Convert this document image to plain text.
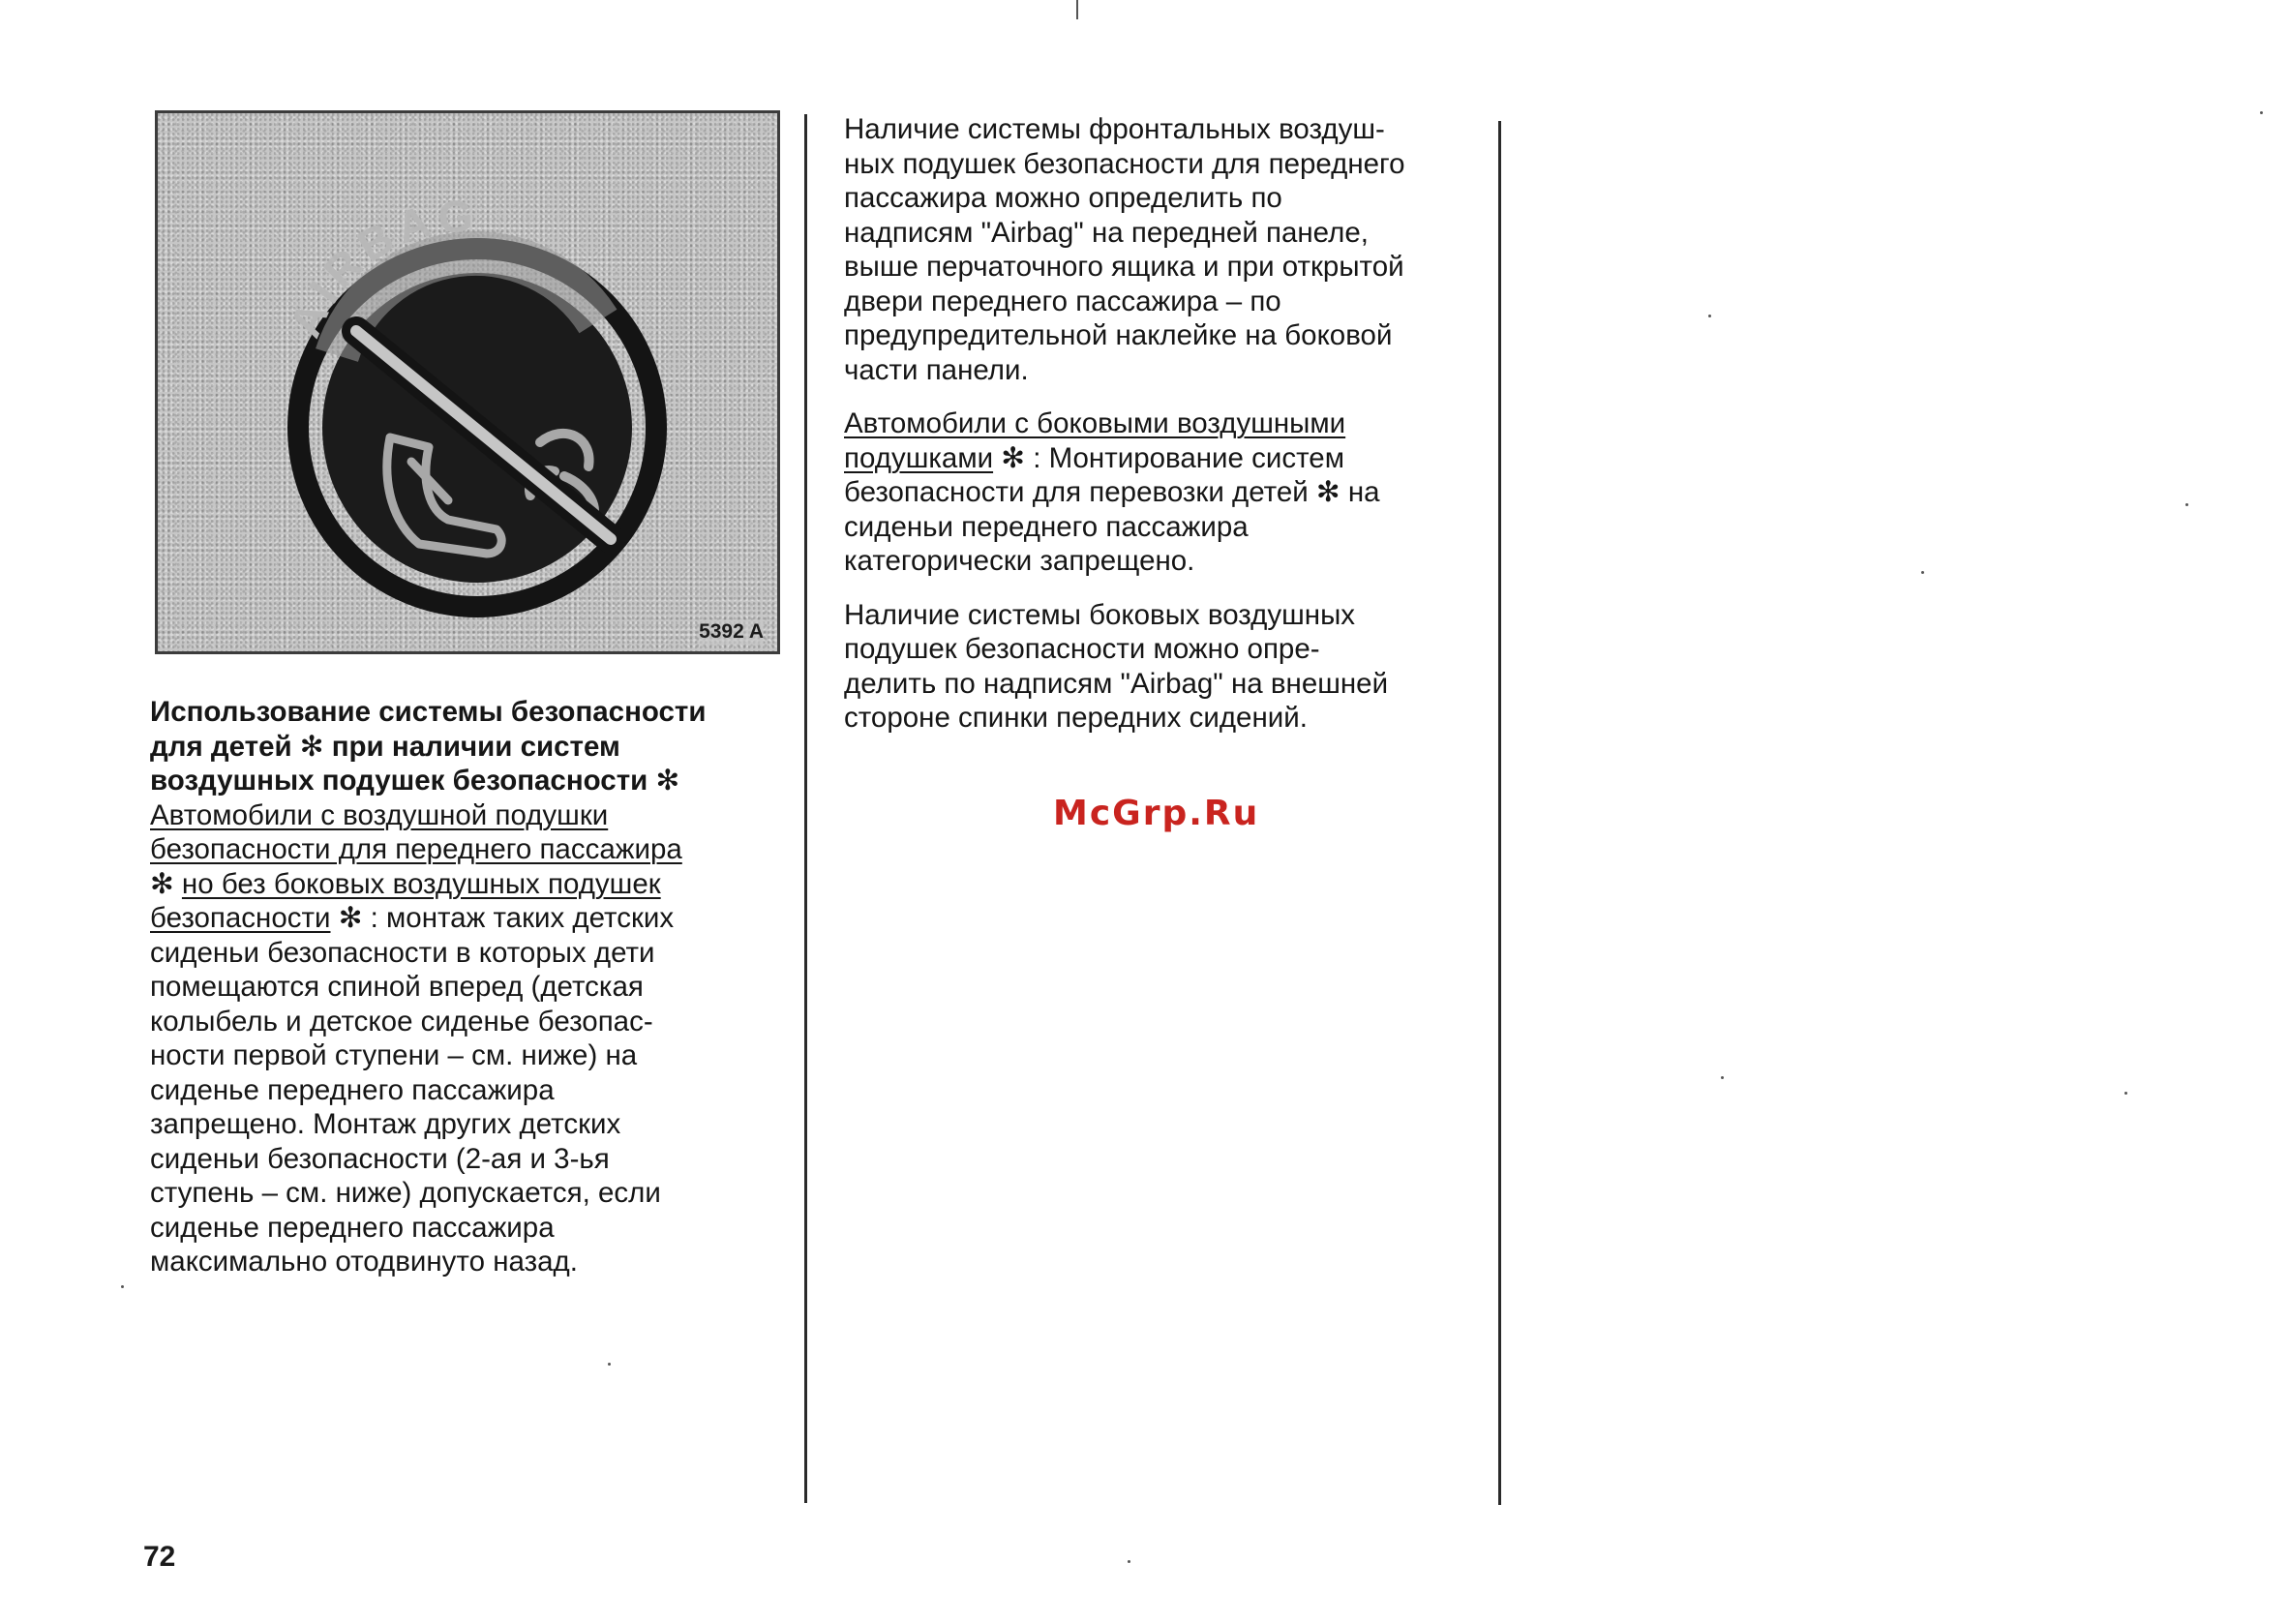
AIRBAG
5392 A
Использование системы безопасности
для детей ✻ при наличии систем
воздушных подушек безопасности ✻
Автомобили с воздушной подушки
безопасности для переднего пассажира
✻ но без боковых воздушных подушек
безопасности ✻ : монтаж таких детских
сиденьи безопасности в которых дети
помещаются спиной вперед (детская
колыбель и детское сиденье безопас-
ности первой ступени – см. ниже) на
сиденье переднего пассажира
запрещено. Монтаж других детских
сиденьи безопасности (2-ая и 3-ья
ступень – см. ниже) допускается, если
сиденье переднего пассажира
максимально отодвинуто назад.
Наличие системы фронтальных воздуш-
ных подушек безопасности для переднего
пассажира можно определить по
надписям "Airbag" на передней панеле,
выше перчаточного ящика и при открытой
двери переднего пассажира – по
предупредительной наклейке на боковой
части панели.
Автомобили с боковыми воздушными
подушками ✻ : Монтирование систем
безопасности для перевозки детей ✻ на
сиденьи переднего пассажира
категорически запрещено.
Наличие системы боковых воздушных
подушек безопасности можно опре-
делить по надписям "Airbag" на внешней
стороне спинки передних сидений.
McGrp.Ru
72
